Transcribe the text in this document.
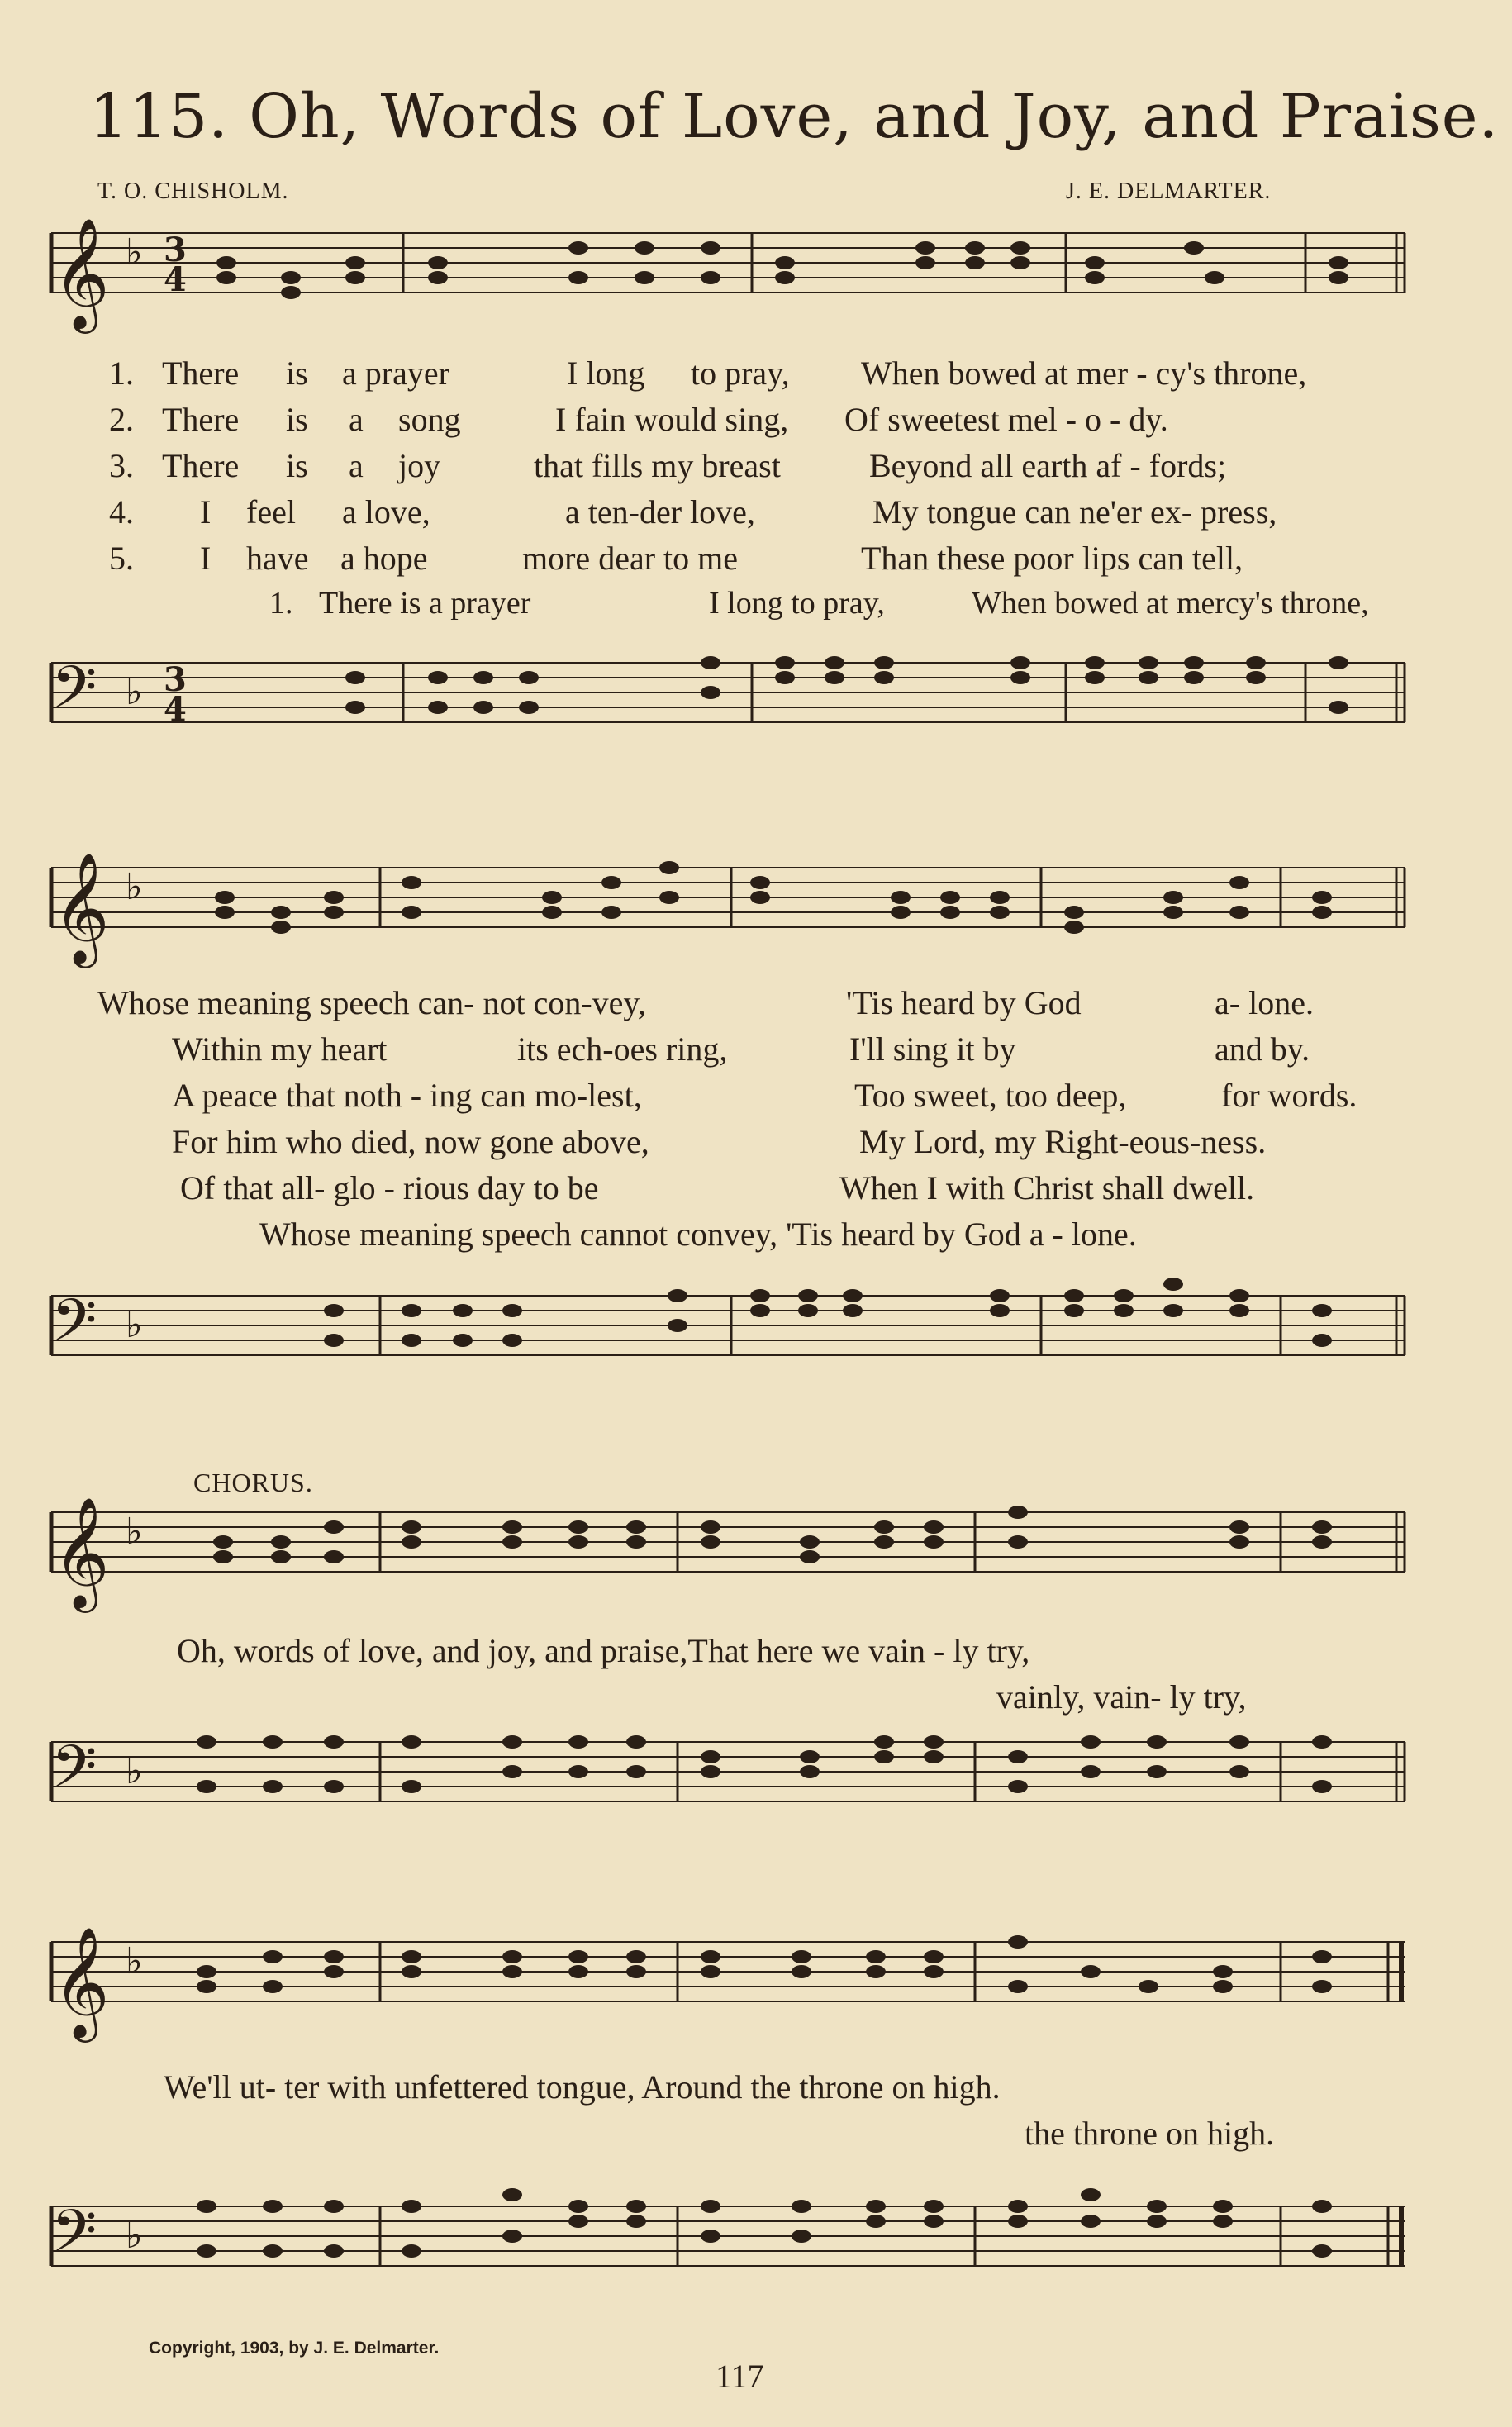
115. Oh, Words of Love, and Joy, and Praise.
T. O. CHISHOLM.	J. E. DELMARTER.
𝄞 ♭ 3
4
1. There is a prayer	I long to pray, When bowed at mer - cy's throne,
2. There is a song	I fain would sing, Of sweetest mel - o - dy.
3. There is a joy	that fills my breast	Beyond all earth af - fords;
4. I feel a love,	a ten-der love,	My tongue can ne'er ex- press,
5. I have a hope	more dear to me	Than these poor lips can tell,
1. There is a prayer	I long to pray,	When bowed at mercy's throne,
𝄢 ♭ 3
4
𝄞 ♭
Whose meaning speech can- not con-vey,	'Tis heard by God	a- lone.
Within my heart	its ech-oes ring,	I'll sing it by	and by.
A peace that noth - ing can mo-lest,	Too sweet, too deep,	for words.
For him who died, now gone above,	My Lord, my Right-eous-ness.
Of that all- glo - rious day to be	When I with Christ shall dwell.
Whose meaning speech cannot convey, 'Tis heard by God a - lone.
𝄢 ♭
CHORUS.
𝄞 ♭
Oh, words of love, and joy, and praise,That here we vain - ly try,
vainly, vain- ly try,
𝄢 ♭
𝄞 ♭
We'll ut- ter with unfettered tongue, Around the throne on high.
the throne on high.
𝄢 ♭
Copyright, 1903, by J. E. Delmarter.
117
